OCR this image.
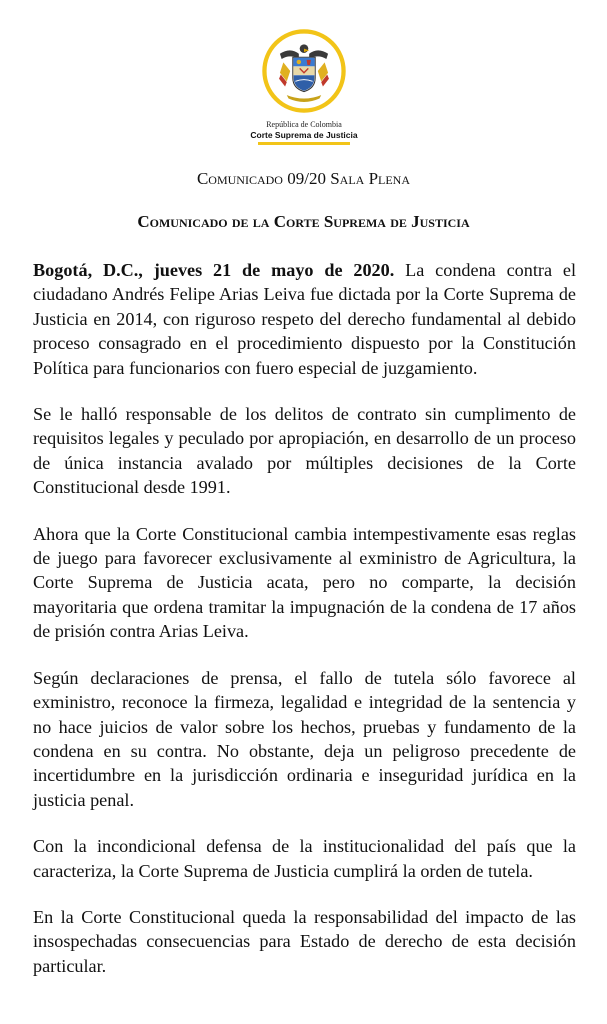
República de Colombia
Corte Suprema de Justicia
Comunicado 09/20 Sala Plena
Comunicado de la Corte Suprema de Justicia

Bogotá, D.C., jueves 21 de mayo de 2020. La condena contra el ciudadano Andrés Felipe Arias Leiva fue dictada por la Corte Suprema de Justicia en 2014, con riguroso respeto del derecho fundamental al debido proceso consagrado en el procedimiento dispuesto por la Constitución Política para funcionarios con fuero especial de juzgamiento.

Se le halló responsable de los delitos de contrato sin cumplimento de requisitos legales y peculado por apropiación, en desarrollo de un proceso de única instancia avalado por múltiples decisiones de la Corte Constitucional desde 1991.

Ahora que la Corte Constitucional cambia intempestivamente esas reglas de juego para favorecer exclusivamente al exministro de Agricultura, la Corte Suprema de Justicia acata, pero no comparte, la decisión mayoritaria que ordena tramitar la impugnación de la condena de 17 años de prisión contra Arias Leiva.

Según declaraciones de prensa, el fallo de tutela sólo favorece al exministro, reconoce la firmeza, legalidad e integridad de la sentencia y no hace juicios de valor sobre los hechos, pruebas y fundamento de la condena en su contra. No obstante, deja un peligroso precedente de incertidumbre en la jurisdicción ordinaria e inseguridad jurídica en la justicia penal.

Con la incondicional defensa de la institucionalidad del país que la caracteriza, la Corte Suprema de Justicia cumplirá la orden de tutela.

En la Corte Constitucional queda la responsabilidad del impacto de las insospechadas consecuencias para Estado de derecho de esta decisión particular.
